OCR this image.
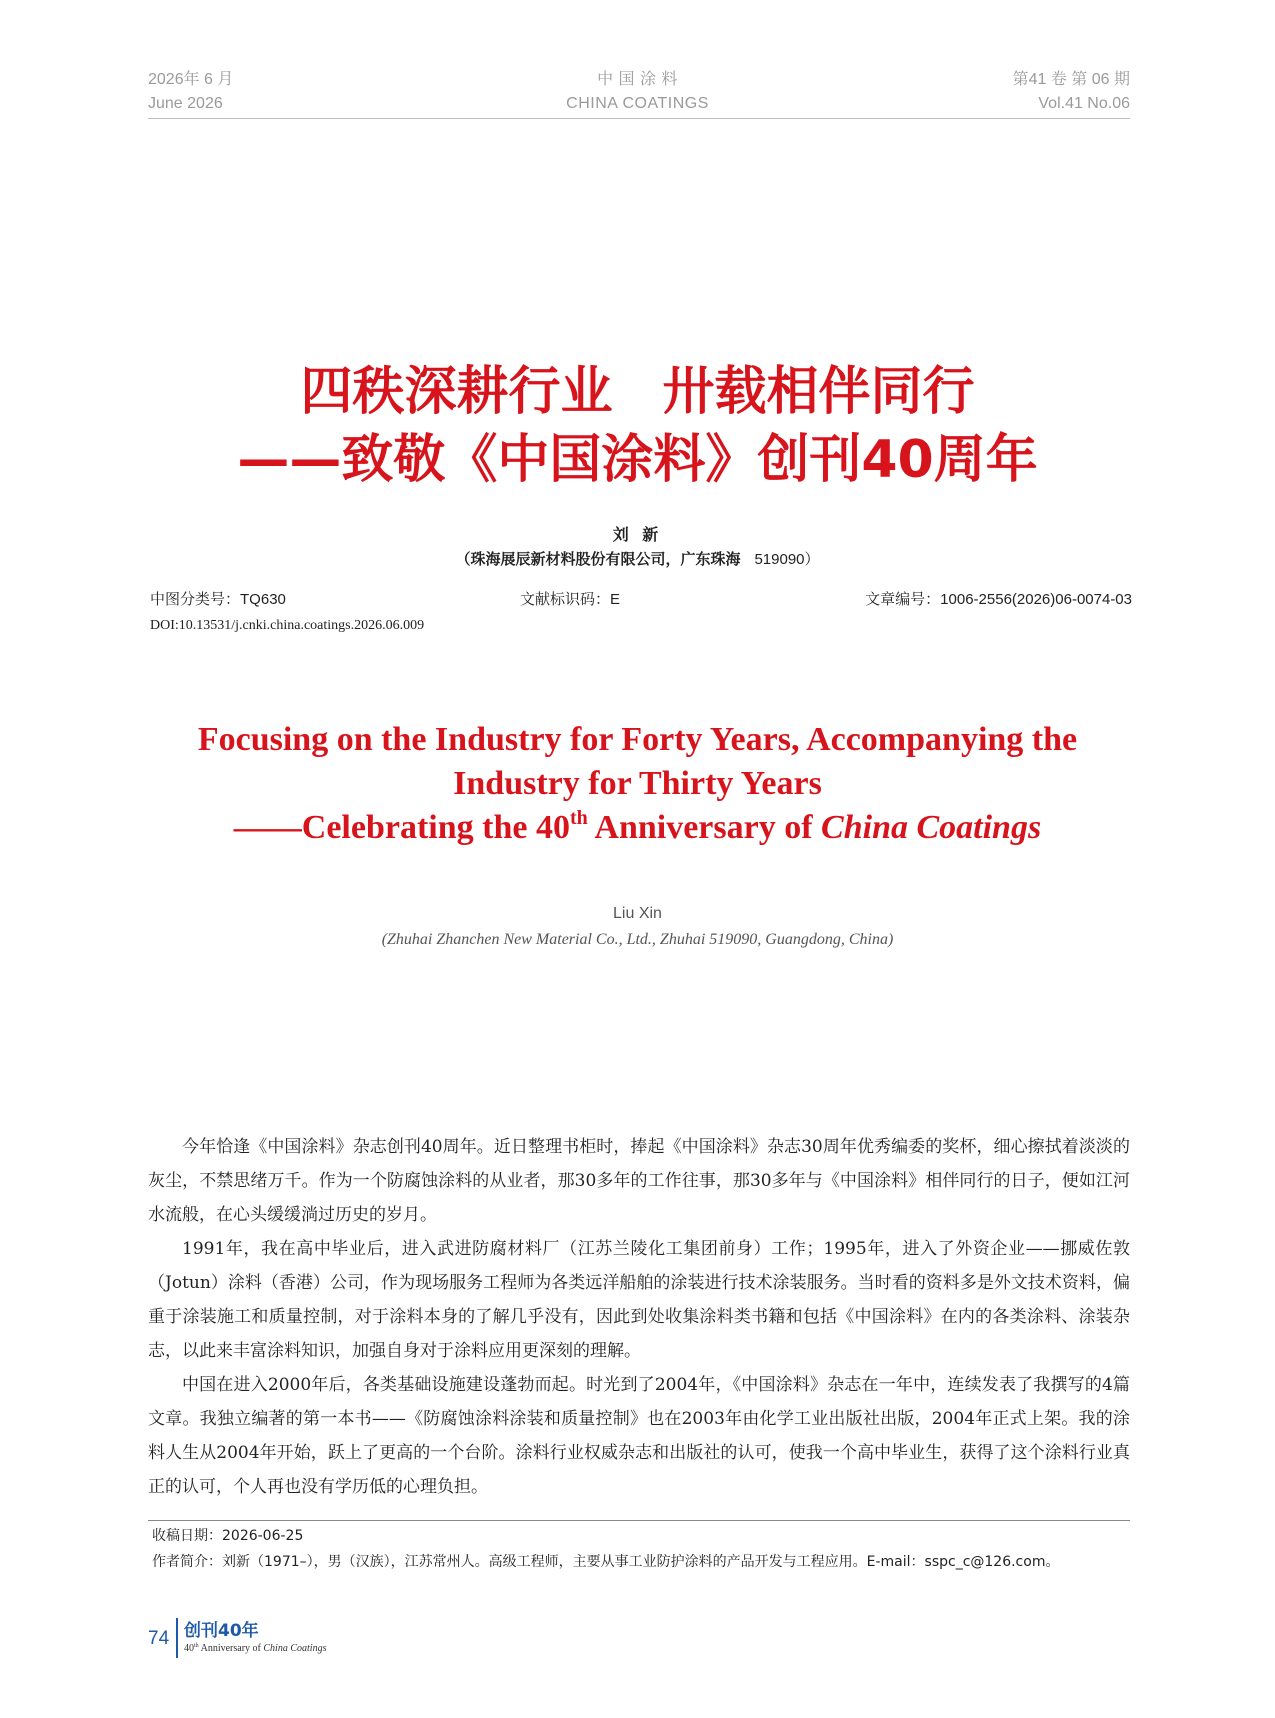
2026年 6 月
June 2026
中 国 涂 料
CHINA COATINGS
第41 卷 第 06 期
Vol.41 No.06
四秩深耕行业 卅载相伴同行
——致敬《中国涂料》创刊40周年
刘 新
（珠海展辰新材料股份有限公司，广东珠海 519090）
中图分类号：TQ630	文献标识码：E	文章编号：1006-2556(2026)06-0074-03
DOI:10.13531/j.cnki.china.coatings.2026.06.009
Focusing on the Industry for Forty Years, Accompanying the
Industry for Thirty Years
——Celebrating the 40th Anniversary of China Coatings
Liu Xin
(Zhuhai Zhanchen New Material Co., Ltd., Zhuhai 519090, Guangdong, China)

今年恰逢《中国涂料》杂志创刊40周年。近日整理书柜时，捧起《中国涂料》杂志30周年优秀编委的奖杯，细心擦拭着淡淡的灰尘，不禁思绪万千。作为一个防腐蚀涂料的从业者，那30多年的工作往事，那30多年与《中国涂料》相伴同行的日子，便如江河水流般，在心头缓缓淌过历史的岁月。

1991年，我在高中毕业后，进入武进防腐材料厂（江苏兰陵化工集团前身）工作；1995年，进入了外资企业——挪威佐敦（Jotun）涂料（香港）公司，作为现场服务工程师为各类远洋船舶的涂装进行技术涂装服务。当时看的资料多是外文技术资料，偏重于涂装施工和质量控制，对于涂料本身的了解几乎没有，因此到处收集涂料类书籍和包括《中国涂料》在内的各类涂料、涂装杂志，以此来丰富涂料知识，加强自身对于涂料应用更深刻的理解。

中国在进入2000年后，各类基础设施建设蓬勃而起。时光到了2004年，《中国涂料》杂志在一年中，连续发表了我撰写的4篇文章。我独立编著的第一本书——《防腐蚀涂料涂装和质量控制》也在2003年由化学工业出版社出版，2004年正式上架。我的涂料人生从2004年开始，跃上了更高的一个台阶。涂料行业权威杂志和出版社的认可，使我一个高中毕业生，获得了这个涂料行业真正的认可，个人再也没有学历低的心理负担。

收稿日期：2026-06-25
作者简介：刘新（1971–），男（汉族），江苏常州人。高级工程师，主要从事工业防护涂料的产品开发与工程应用。E-mail：sspc_c@126.com。
74 创刊40年
40th Anniversary of China Coatings
